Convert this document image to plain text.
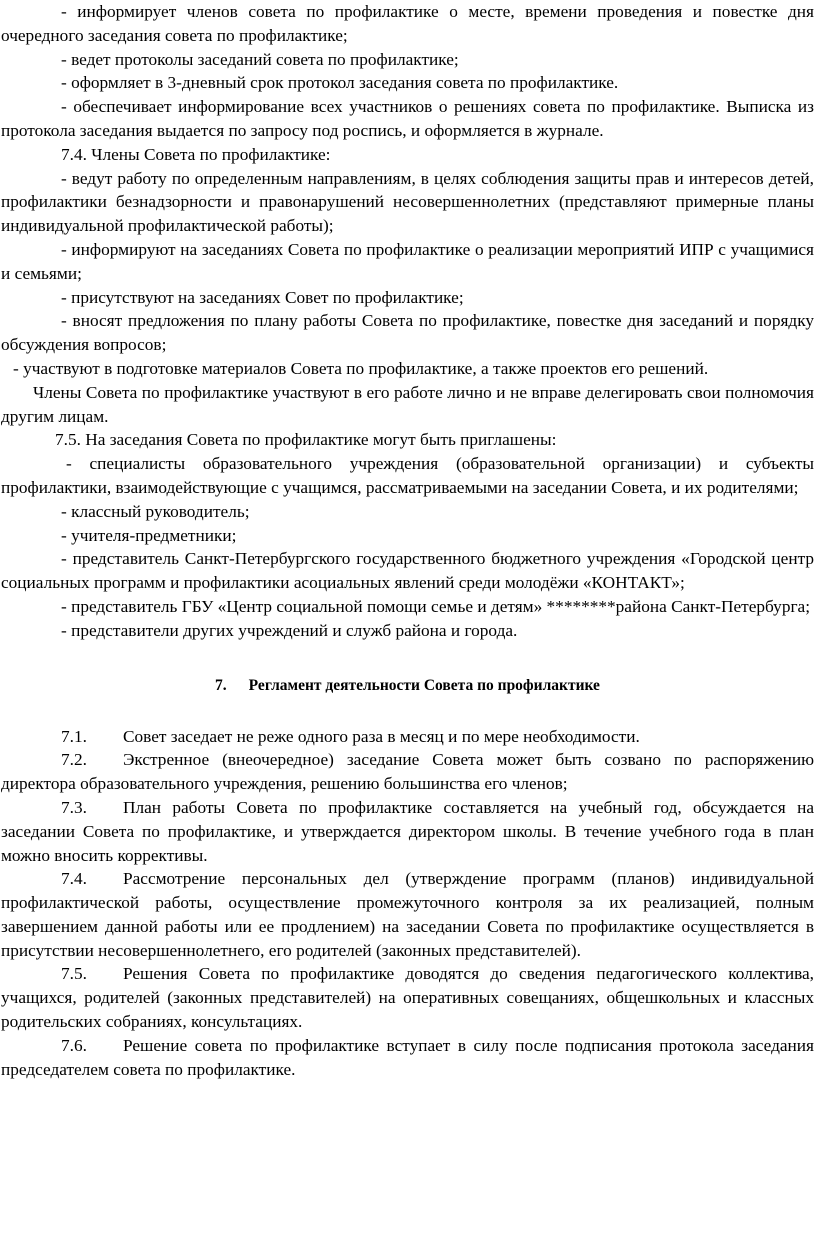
- информирует членов совета по профилактике о месте, времени проведения и повестке дня очередного заседания совета по профилактике;

- ведет протоколы заседаний совета по профилактике;

- оформляет в 3-дневный срок протокол заседания совета по профилактике.

- обеспечивает информирование всех участников о решениях совета по профилактике. Выписка из протокола заседания выдается по запросу под роспись, и оформляется в журнале.

7.4. Члены Совета по профилактике:

- ведут работу по определенным направлениям, в целях соблюдения защиты прав и интересов детей, профилактики безнадзорности и правонарушений несовершеннолетних (представляют примерные планы индивидуальной профилактической работы);

- информируют на заседаниях Совета по профилактике о реализации мероприятий ИПР с учащимися и семьями;

- присутствуют на заседаниях Совет по профилактике;

- вносят предложения по плану работы Совета по профилактике, повестке дня заседаний и порядку обсуждения вопросов;

- участвуют в подготовке материалов Совета по профилактике, а также проектов его решений.

Члены Совета по профилактике участвуют в его работе лично и не вправе делегировать свои полномочия другим лицам.

7.5. На заседания Совета по профилактике могут быть приглашены:

- специалисты образовательного учреждения (образовательной организации) и субъекты профилактики, взаимодействующие с учащимся, рассматриваемыми на заседании Совета, и их родителями;

- классный руководитель;

- учителя-предметники;

- представитель Санкт-Петербургского государственного бюджетного учреждения «Городской центр социальных программ и профилактики асоциальных явлений среди молодёжи «КОНТАКТ»;

- представитель ГБУ «Центр социальной помощи семье и детям» ********района Санкт-Петербурга;

- представители других учреждений и служб района и города.

7. Регламент деятельности Совета по профилактике

7.1. Совет заседает не реже одного раза в месяц и по мере необходимости.

7.2. Экстренное (внеочередное) заседание Совета может быть созвано по распоряжению директора образовательного учреждения, решению большинства его членов;

7.3. План работы Совета по профилактике составляется на учебный год, обсуждается на заседании Совета по профилактике, и утверждается директором школы. В течение учебного года в план можно вносить коррективы.

7.4. Рассмотрение персональных дел (утверждение программ (планов) индивидуальной профилактической работы, осуществление промежуточного контроля за их реализацией, полным завершением данной работы или ее продлением) на заседании Совета по профилактике осуществляется в присутствии несовершеннолетнего, его родителей (законных представителей).

7.5. Решения Совета по профилактике доводятся до сведения педагогического коллектива, учащихся, родителей (законных представителей) на оперативных совещаниях, общешкольных и классных родительских собраниях, консультациях.

7.6. Решение совета по профилактике вступает в силу после подписания протокола заседания председателем совета по профилактике.
